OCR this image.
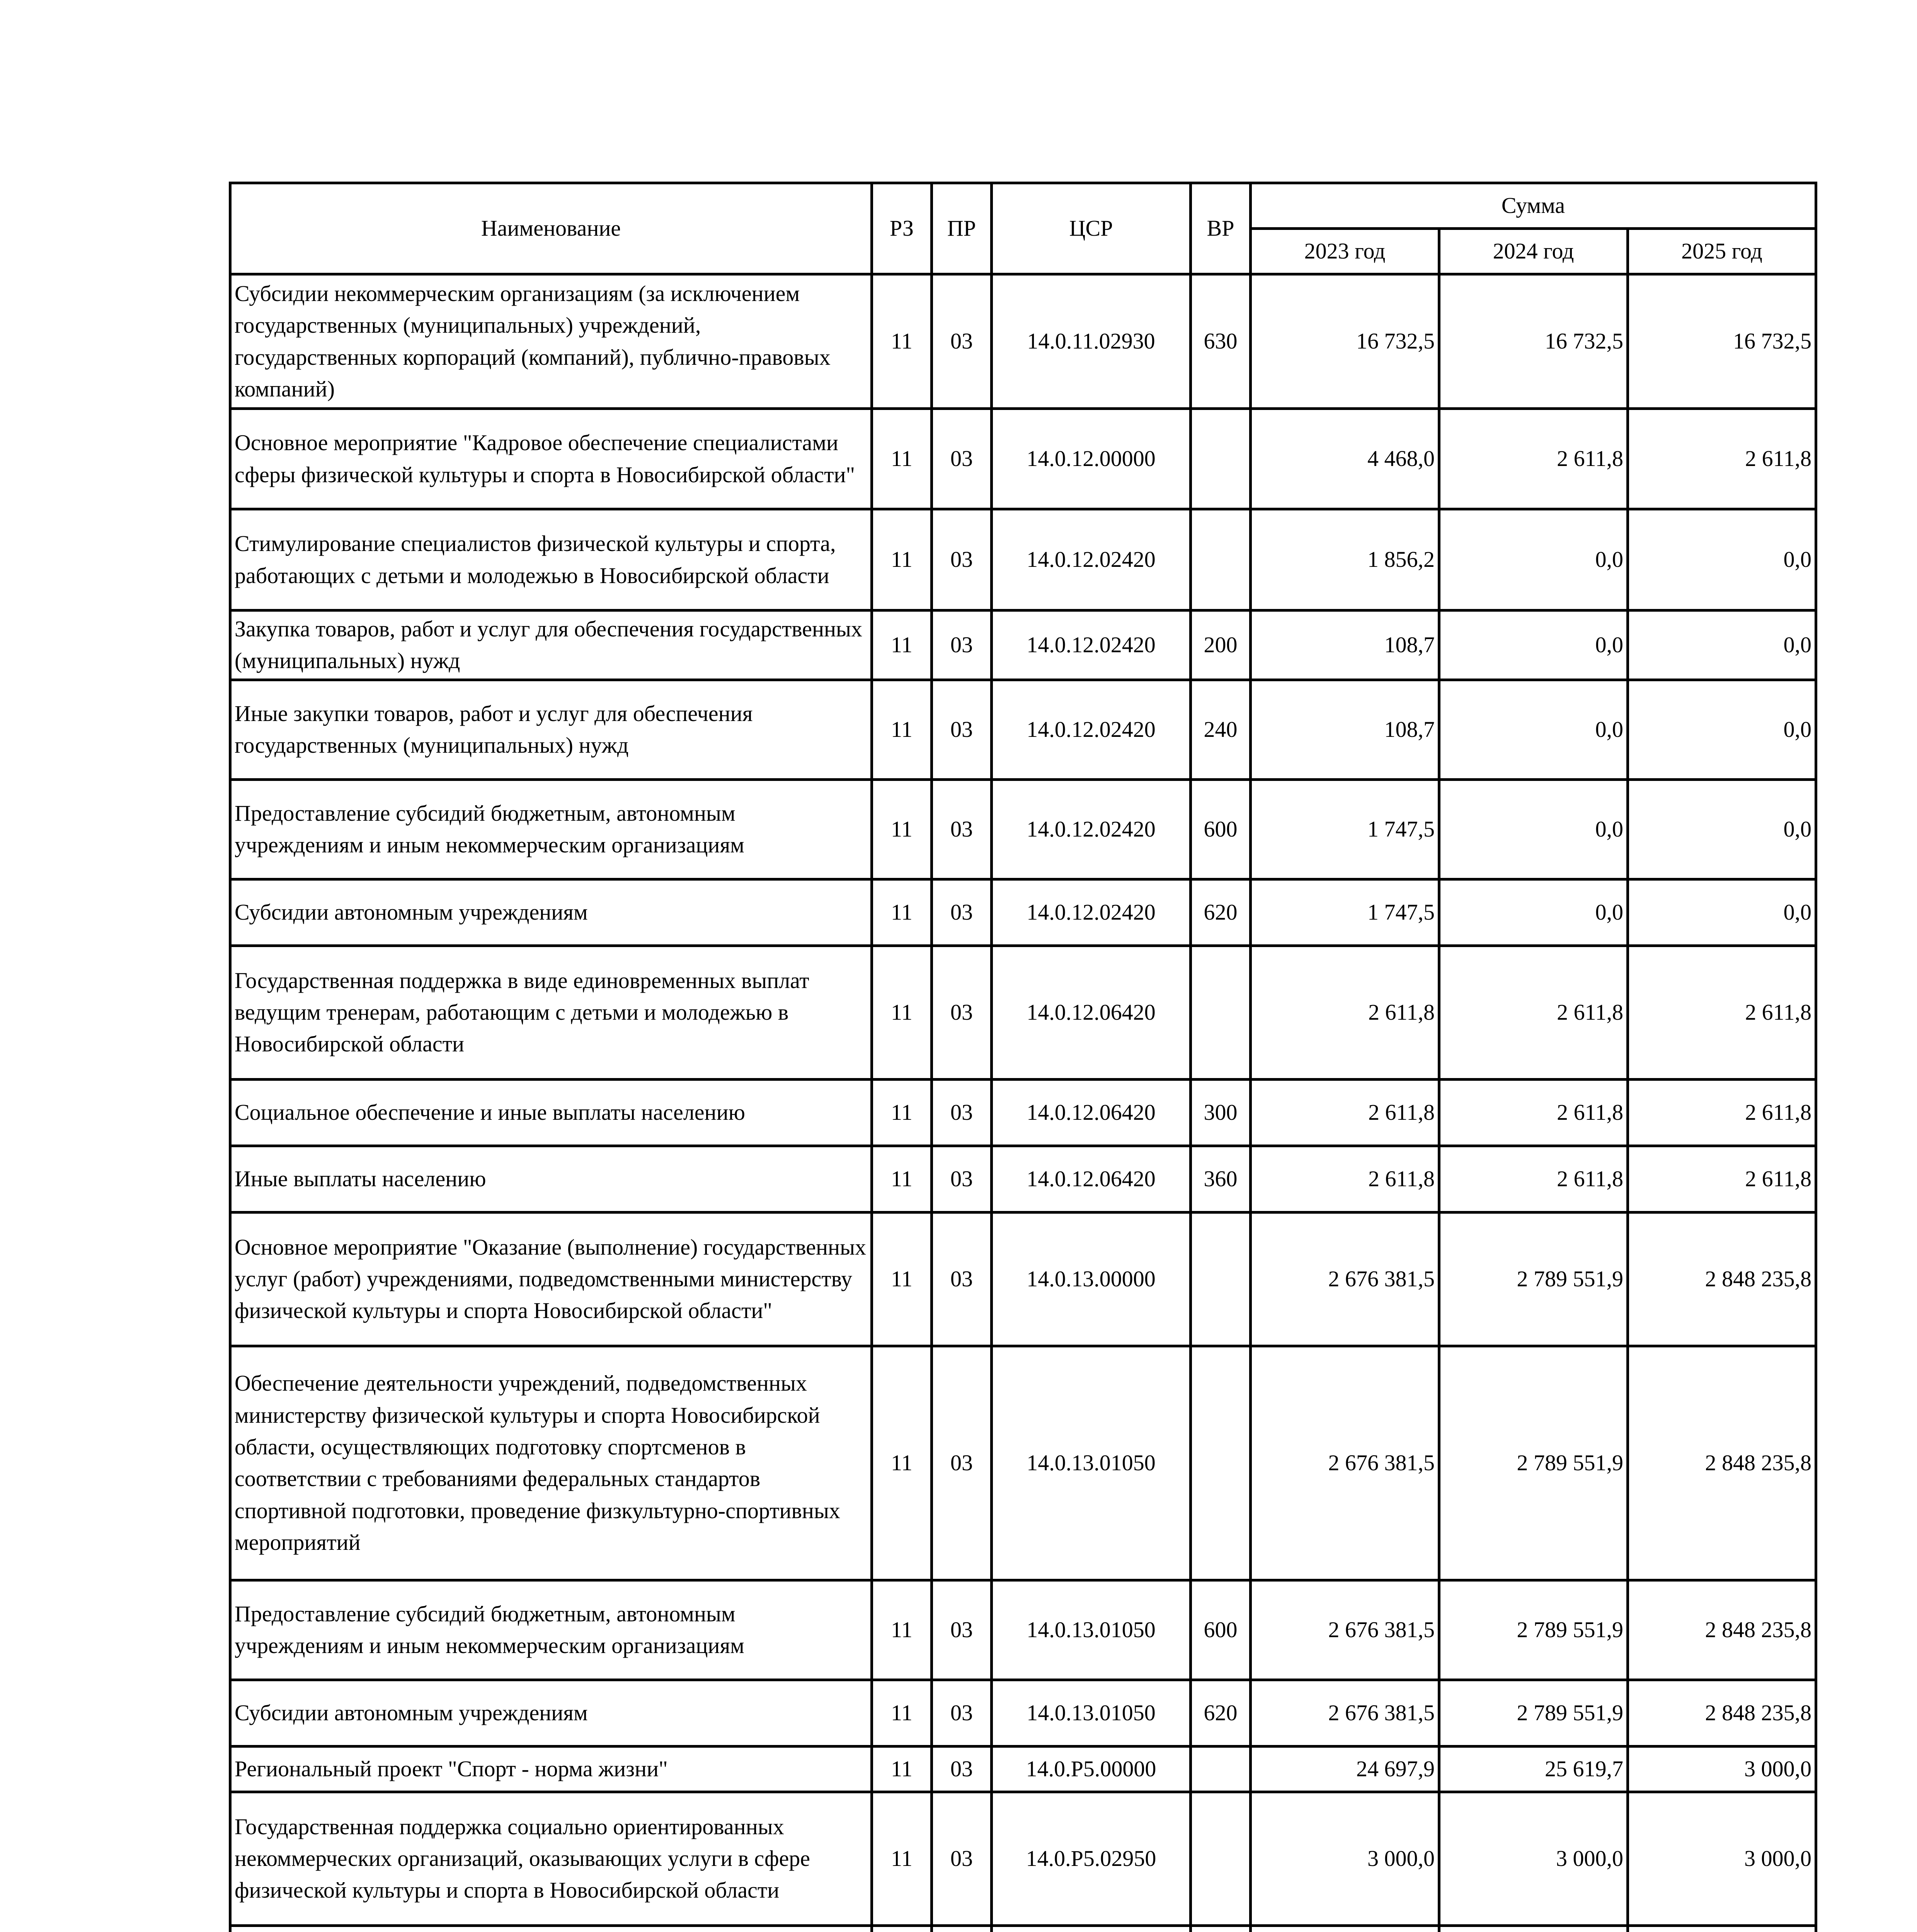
Наименование	РЗ	ПР	ЦСР	ВР	Сумма		
					2023 год	2024 год	2025 год
Субсидии некоммерческим организациям (за исключением государственных (муниципальных) учреждений, государственных корпораций (компаний), публично-правовых компаний)	11	03	14.0.11.02930	630	16 732,5	16 732,5	16 732,5
Основное мероприятие "Кадровое обеспечение специалистами сферы физической культуры и спорта в Новосибирской области"	11	03	14.0.12.00000		4 468,0	2 611,8	2 611,8
Стимулирование специалистов физической культуры и спорта, работающих с детьми и молодежью в Новосибирской области	11	03	14.0.12.02420		1 856,2	0,0	0,0
Закупка товаров, работ и услуг для обеспечения государственных (муниципальных) нужд	11	03	14.0.12.02420	200	108,7	0,0	0,0
Иные закупки товаров, работ и услуг для обеспечения государственных (муниципальных) нужд	11	03	14.0.12.02420	240	108,7	0,0	0,0
Предоставление субсидий бюджетным, автономным учреждениям и иным некоммерческим организациям	11	03	14.0.12.02420	600	1 747,5	0,0	0,0
Субсидии автономным учреждениям	11	03	14.0.12.02420	620	1 747,5	0,0	0,0
Государственная поддержка в виде единовременных выплат ведущим тренерам, работающим с детьми и молодежью в Новосибирской области	11	03	14.0.12.06420		2 611,8	2 611,8	2 611,8
Социальное обеспечение и иные выплаты населению	11	03	14.0.12.06420	300	2 611,8	2 611,8	2 611,8
Иные выплаты населению	11	03	14.0.12.06420	360	2 611,8	2 611,8	2 611,8
Основное мероприятие "Оказание (выполнение) государственных услуг (работ) учреждениями, подведомственными министерству физической культуры и спорта Новосибирской области"	11	03	14.0.13.00000		2 676 381,5	2 789 551,9	2 848 235,8
Обеспечение деятельности учреждений, подведомственных министерству физической культуры и спорта Новосибирской области, осуществляющих подготовку спортсменов в соответствии с требованиями федеральных стандартов спортивной подготовки, проведение физкультурно-спортивных мероприятий	11	03	14.0.13.01050		2 676 381,5	2 789 551,9	2 848 235,8
Предоставление субсидий бюджетным, автономным учреждениям и иным некоммерческим организациям	11	03	14.0.13.01050	600	2 676 381,5	2 789 551,9	2 848 235,8
Субсидии автономным учреждениям	11	03	14.0.13.01050	620	2 676 381,5	2 789 551,9	2 848 235,8
Региональный проект "Спорт - норма жизни"	11	03	14.0.P5.00000		24 697,9	25 619,7	3 000,0
Государственная поддержка социально ориентированных некоммерческих организаций, оказывающих услуги в сфере физической культуры и спорта в Новосибирской области	11	03	14.0.P5.02950		3 000,0	3 000,0	3 000,0
